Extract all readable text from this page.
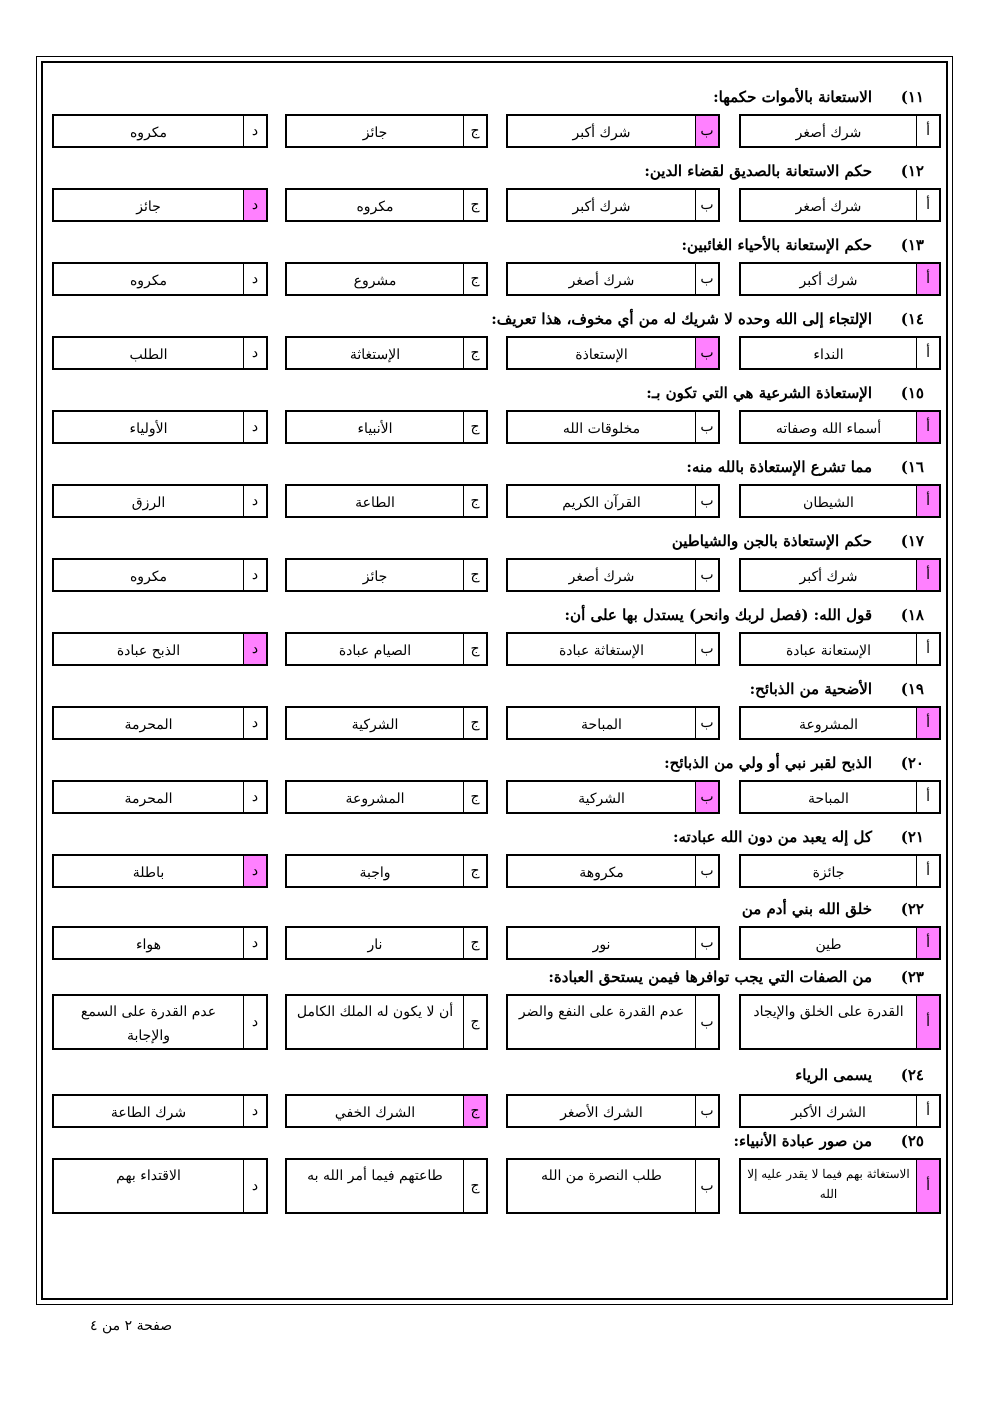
١١)
الاستعانة بالأموات حكمها:
أ
شرك أصغر
ب
شرك أكبر
ج
جائز
د
مكروه
١٢)
حكم الاستعانة بالصديق لقضاء الدين:
أ
شرك أصغر
ب
شرك أكبر
ج
مكروه
د
جائز
١٣)
حكم الإستعانة بالأحياء الغائبين:
أ
شرك أكبر
ب
شرك أصغر
ج
مشروع
د
مكروه
١٤)
الإلتجاء إلى الله وحده لا شريك له من أي مخوف، هذا تعريف:
أ
النداء
ب
الإستعاذة
ج
الإستغاثة
د
الطلب
١٥)
الإستعاذة الشرعية هي التي تكون بـ:
أ
أسماء الله وصفاته
ب
مخلوقات الله
ج
الأنبياء
د
الأولياء
١٦)
مما تشرع الإستعاذة بالله منه:
أ
الشيطان
ب
القرآن الكريم
ج
الطاعة
د
الرزق
١٧)
حكم الإستعاذة بالجن والشياطين
أ
شرك أكبر
ب
شرك أصغر
ج
جائز
د
مكروه
١٨)
قول الله: (فصل لربك وانحر) يستدل بها على أن:
أ
الإستعانة عبادة
ب
الإستغاثة عبادة
ج
الصيام عبادة
د
الذبح عبادة
١٩)
الأضحية من الذبائح:
أ
المشروعة
ب
المباحة
ج
الشركية
د
المحرمة
٢٠)
الذبح لقبر نبي أو ولي من الذبائح:
أ
المباحة
ب
الشركية
ج
المشروعة
د
المحرمة
٢١)
كل إله يعبد من دون الله عبادته:
أ
جائزة
ب
مكروهة
ج
واجبة
د
باطلة
٢٢)
خلق الله بني أدم من
أ
طين
ب
نور
ج
نار
د
هواء
٢٣)
من الصفات التي يجب توافرها فيمن يستحق العبادة:
أ
القدرة على الخلق والإيجاد
ب
عدم القدرة على النفع والضر
ج
أن لا يكون له الملك الكامل
د
عدم القدرة على السمع والإجابة
٢٤)
يسمى الرياء
أ
الشرك الأكبر
ب
الشرك الأصغر
ج
الشرك الخفي
د
شرك الطاعة
٢٥)
من صور عبادة الأنبياء:
أ
الاستغاثة بهم فيما لا يقدر عليه إلا الله
ب
طلب النصرة من الله
ج
طاعتهم فيما أمر الله به
د
الاقتداء بهم
صفحة ٢ من ٤
